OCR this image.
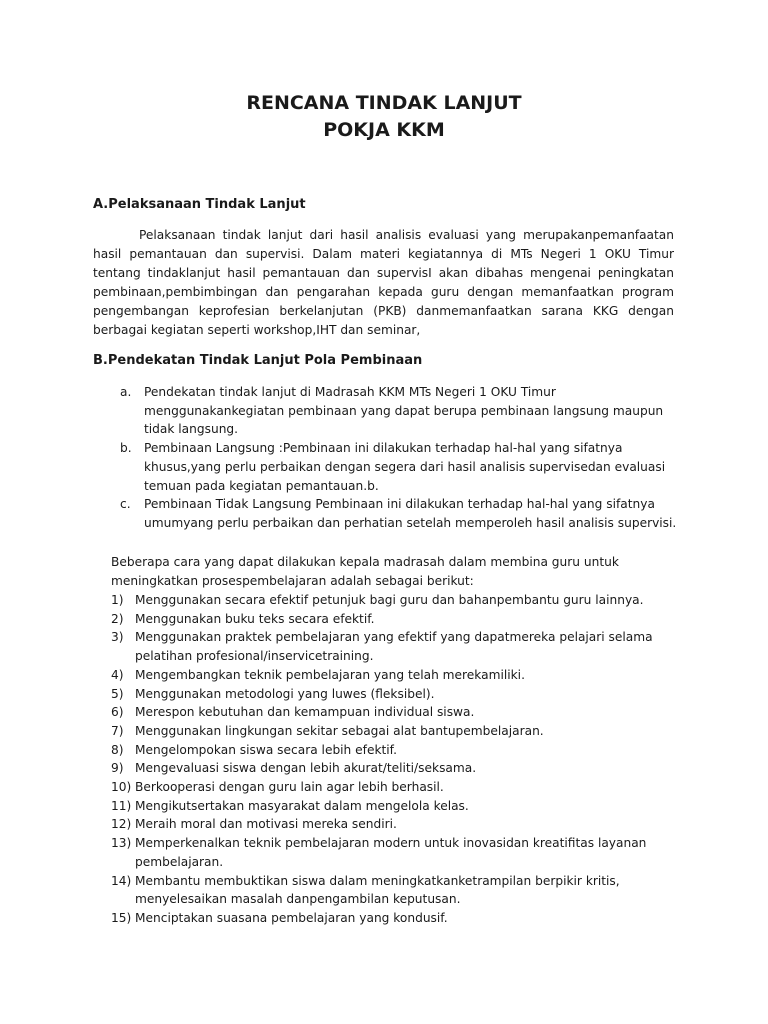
RENCANA TINDAK LANJUT
POKJA KKM
A.Pelaksanaan Tindak Lanjut

Pelaksanaan tindak lanjut dari hasil analisis evaluasi yang merupakanpemanfaatan hasil pemantauan dan supervisi. Dalam materi kegiatannya di MTs Negeri 1 OKU Timur tentang tindaklanjut hasil pemantauan dan supervisI akan dibahas mengenai peningkatan pembinaan,pembimbingan dan pengarahan kepada guru dengan memanfaatkan program pengembangan keprofesian berkelanjutan (PKB) danmemanfaatkan sarana KKG dengan berbagai kegiatan seperti workshop,IHT dan seminar,

B.Pendekatan Tindak Lanjut Pola Pembinaan
a. Pendekatan tindak lanjut di Madrasah KKM MTs Negeri 1 OKU Timur menggunakankegiatan pembinaan yang dapat berupa pembinaan langsung maupun tidak langsung.
b. Pembinaan Langsung :Pembinaan ini dilakukan terhadap hal-hal yang sifatnya khusus,yang perlu perbaikan dengan segera dari hasil analisis supervisedan evaluasi temuan pada kegiatan pemantauan.b.
c. Pembinaan Tidak Langsung Pembinaan ini dilakukan terhadap hal-hal yang sifatnya umumyang perlu perbaikan dan perhatian setelah memperoleh hasil analisis supervisi.

Beberapa cara yang dapat dilakukan kepala madrasah dalam membina guru untuk meningkatkan prosespembelajaran adalah sebagai berikut:

1) Menggunakan secara efektif petunjuk bagi guru dan bahanpembantu guru lainnya.
2) Menggunakan buku teks secara efektif.
3) Menggunakan praktek pembelajaran yang efektif yang dapatmereka pelajari selama pelatihan profesional/inservicetraining.
4) Mengembangkan teknik pembelajaran yang telah merekamiliki.
5) Menggunakan metodologi yang luwes (fleksibel).
6) Merespon kebutuhan dan kemampuan individual siswa.
7) Menggunakan lingkungan sekitar sebagai alat bantupembelajaran.
8) Mengelompokan siswa secara lebih efektif.
9) Mengevaluasi siswa dengan lebih akurat/teliti/seksama.
10) Berkooperasi dengan guru lain agar lebih berhasil.
11) Mengikutsertakan masyarakat dalam mengelola kelas.
12) Meraih moral dan motivasi mereka sendiri.
13) Memperkenalkan teknik pembelajaran modern untuk inovasidan kreatifitas layanan pembelajaran.
14) Membantu membuktikan siswa dalam meningkatkanketrampilan berpikir kritis, menyelesaikan masalah danpengambilan keputusan.
15) Menciptakan suasana pembelajaran yang kondusif.
